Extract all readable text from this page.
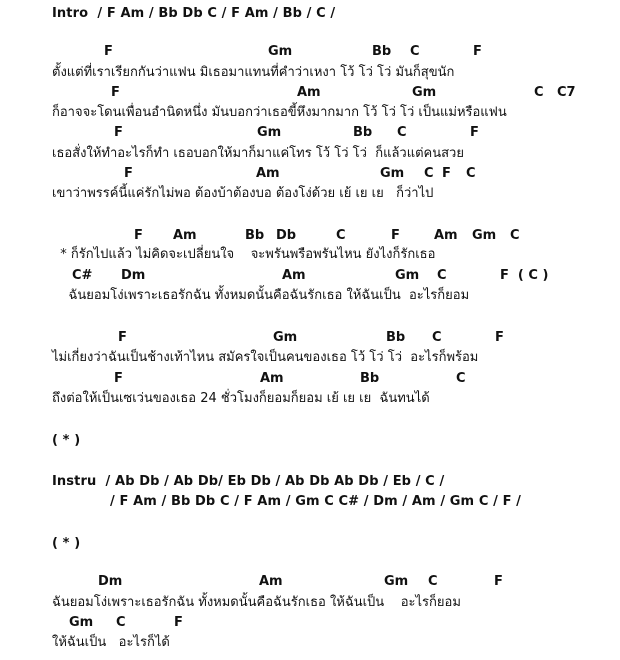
Intro  / F Am / Bb Db C / F Am / Bb / C /
F	Gm	Bb C	F
ตั้งแต่ที่เราเรียกกันว่าแฟน มิเธอมาแทนที่คำว่าเหงา โว้ โว่ โว่ มันก็สุขนัก
F	Am	Gm	C C7
ก็อาจจะโดนเพื่อนอำนิดหนึ่ง มันบอกว่าเธอขี้หึงมากมาก โว้ โว่ โว่ เป็นแม่หรือแฟน
F	Gm	Bb C	F
เธอสั่งให้ทำอะไรก็ทำ เธอบอกให้มาก็มาแค่โทร โว้ โว่ โว่  ก็แล้วแต่คนสวย
F	Am	Gm C F C
เขาว่าพรรค์นี้แค่รักไม่พอ ต้องบ้าต้องบอ ต้องโง่ด้วย เย้ เย เย   ก็ว่าไป
F Am	Bb Db	C	F	Am Gm C
* ก็รักไปแล้ว ไม่คิดจะเปลี่ยนใจ    จะพรันพรือพรันไหน ยังไงก็รักเธอ
C# Dm	Am	Gm C	F  ( C )
ฉันยอมโง่เพราะเธอรักฉัน ทั้งหมดนั้นคือฉันรักเธอ ให้ฉันเป็น  อะไรก็ยอม
F	Gm	Bb C	F
ไม่เกี่ยงว่าฉันเป็นช้างเท้าไหน สมัครใจเป็นคนของเธอ โว้ โว่ โว่  อะไรก็พร้อม
F	Am	Bb	C
ถึงต่อให้เป็นเซเว่นของเธอ 24 ชั่วโมงก็ยอมก็ยอม เย้ เย เย  ฉันทนได้
( * )
Instru  / Ab Db / Ab Db/ Eb Db / Ab Db Ab Db / Eb / C /
/ F Am / Bb Db C / F Am / Gm C C# / Dm / Am / Gm C / F /
( * )
Dm	Am	Gm C	F
ฉันยอมโง่เพราะเธอรักฉัน ทั้งหมดนั้นคือฉันรักเธอ ให้ฉันเป็น    อะไรก็ยอม
Gm C	F
ให้ฉันเป็น   อะไรก็ได้
